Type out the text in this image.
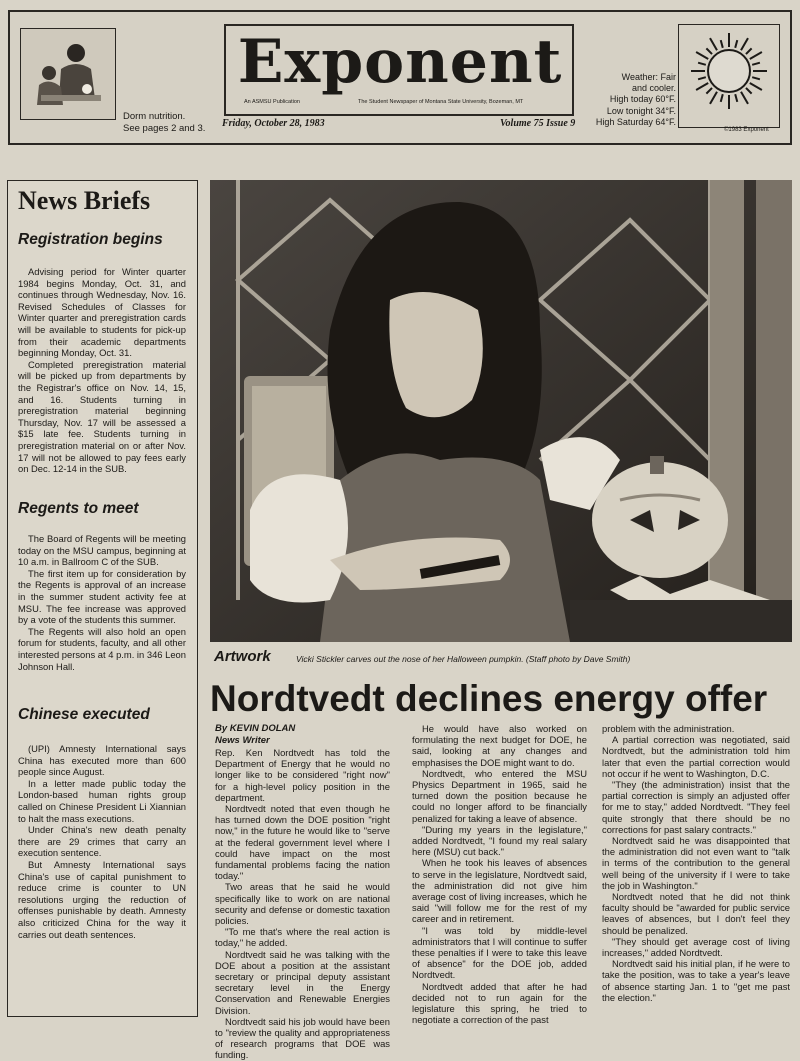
Dorm nutrition.
See pages 2 and 3.
Exponent
An ASMSU Publication	The Student Newspaper of Montana State University, Bozeman, MT
Friday, October 28, 1983	Volume 75 Issue 9
Weather: Fair
and cooler.
High today 60°F.
Low tonight 34°F.
High Saturday 64°F.
©1983 Exponent
News Briefs
Registration begins

Advising period for Winter quarter 1984 begins Monday, Oct. 31, and continues through Wednesday, Nov. 16. Revised Schedules of Classes for Winter quarter and preregistration cards will be available to students for pick-up from their academic departments beginning Monday, Oct. 31.

Completed preregistration material will be picked up from departments by the Registrar's office on Nov. 14, 15, and 16. Students turning in preregistration material beginning Thursday, Nov. 17 will be assessed a $15 late fee. Students turning in preregistration material on or after Nov. 17 will not be allowed to pay fees early on Dec. 12-14 in the SUB.

Regents to meet

The Board of Regents will be meeting today on the MSU campus, beginning at 10 a.m. in Ballroom C of the SUB.

The first item up for consideration by the Regents is approval of an increase in the summer student activity fee at MSU. The fee increase was approved by a vote of the students this summer.

The Regents will also hold an open forum for students, faculty, and all other interested persons at 4 p.m. in 346 Leon Johnson Hall.

Chinese executed

(UPI) Amnesty International says China has executed more than 600 people since August.

In a letter made public today the London-based human rights group called on Chinese President Li Xiannian to halt the mass executions.

Under China's new death penalty there are 29 crimes that carry an execution sentence.

But Amnesty International says China's use of capital punishment to reduce crime is counter to UN resolutions urging the reduction of offenses punishable by death. Amnesty also criticized China for the way it carries out death sentences.

Artwork	Vicki Stickler carves out the nose of her Halloween pumpkin. (Staff photo by Dave Smith)
Nordtvedt declines energy offer
By KEVIN DOLAN
News Writer

Rep. Ken Nordtvedt has told the Department of Energy that he would no longer like to be considered "right now" for a high-level policy position in the department.

Nordtvedt noted that even though he has turned down the DOE position "right now," in the future he would like to "serve at the federal government level where I could have impact on the most fundamental problems facing the nation today."

Two areas that he said he would specifically like to work on are national security and defense or domestic taxation policies.

"To me that's where the real action is today," he added.

Nordtvedt said he was talking with the DOE about a position at the assistant secretary or principal deputy assistant secretary level in the Energy Conservation and Renewable Energies Division.

Nordtvedt said his job would have been to "review the quality and appropriateness of research programs that DOE was funding.

He would have also worked on formulating the next budget for DOE, he said, looking at any changes and emphasises the DOE might want to do.

Nordtvedt, who entered the MSU Physics Department in 1965, said he turned down the position because he could no longer afford to be financially penalized for taking a leave of absence.

"During my years in the legislature," added Nordtvedt, "I found my real salary here (MSU) cut back."

When he took his leaves of absences to serve in the legislature, Nordtvedt said, the administration did not give him average cost of living increases, which he said "will follow me for the rest of my career and in retirement.

"I was told by middle-level administrators that I will continue to suffer these penalties if I were to take this leave of absence" for the DOE job, added Nordtvedt.

Nordtvedt added that after he had decided not to run again for the legislature this spring, he tried to negotiate a correction of the past

problem with the administration.

A partial correction was negotiated, said Nordtvedt, but the administration told him later that even the partial correction would not occur if he went to Washington, D.C.

"They (the administration) insist that the partial correction is simply an adjusted offer for me to stay," added Nordtvedt. "They feel quite strongly that there should be no corrections for past salary contracts."

Nordtvedt said he was disappointed that the administration did not even want to "talk in terms of the contribution to the general well being of the university if I were to take the job in Washington."

Nordtvedt noted that he did not think faculty should be "awarded for public service leaves of absences, but I don't feel they should be penalized.

"They should get average cost of living increases," added Nordtvedt.

Nordtvedt said his initial plan, if he were to take the position, was to take a year's leave of absence starting Jan. 1 to "get me past the election."
